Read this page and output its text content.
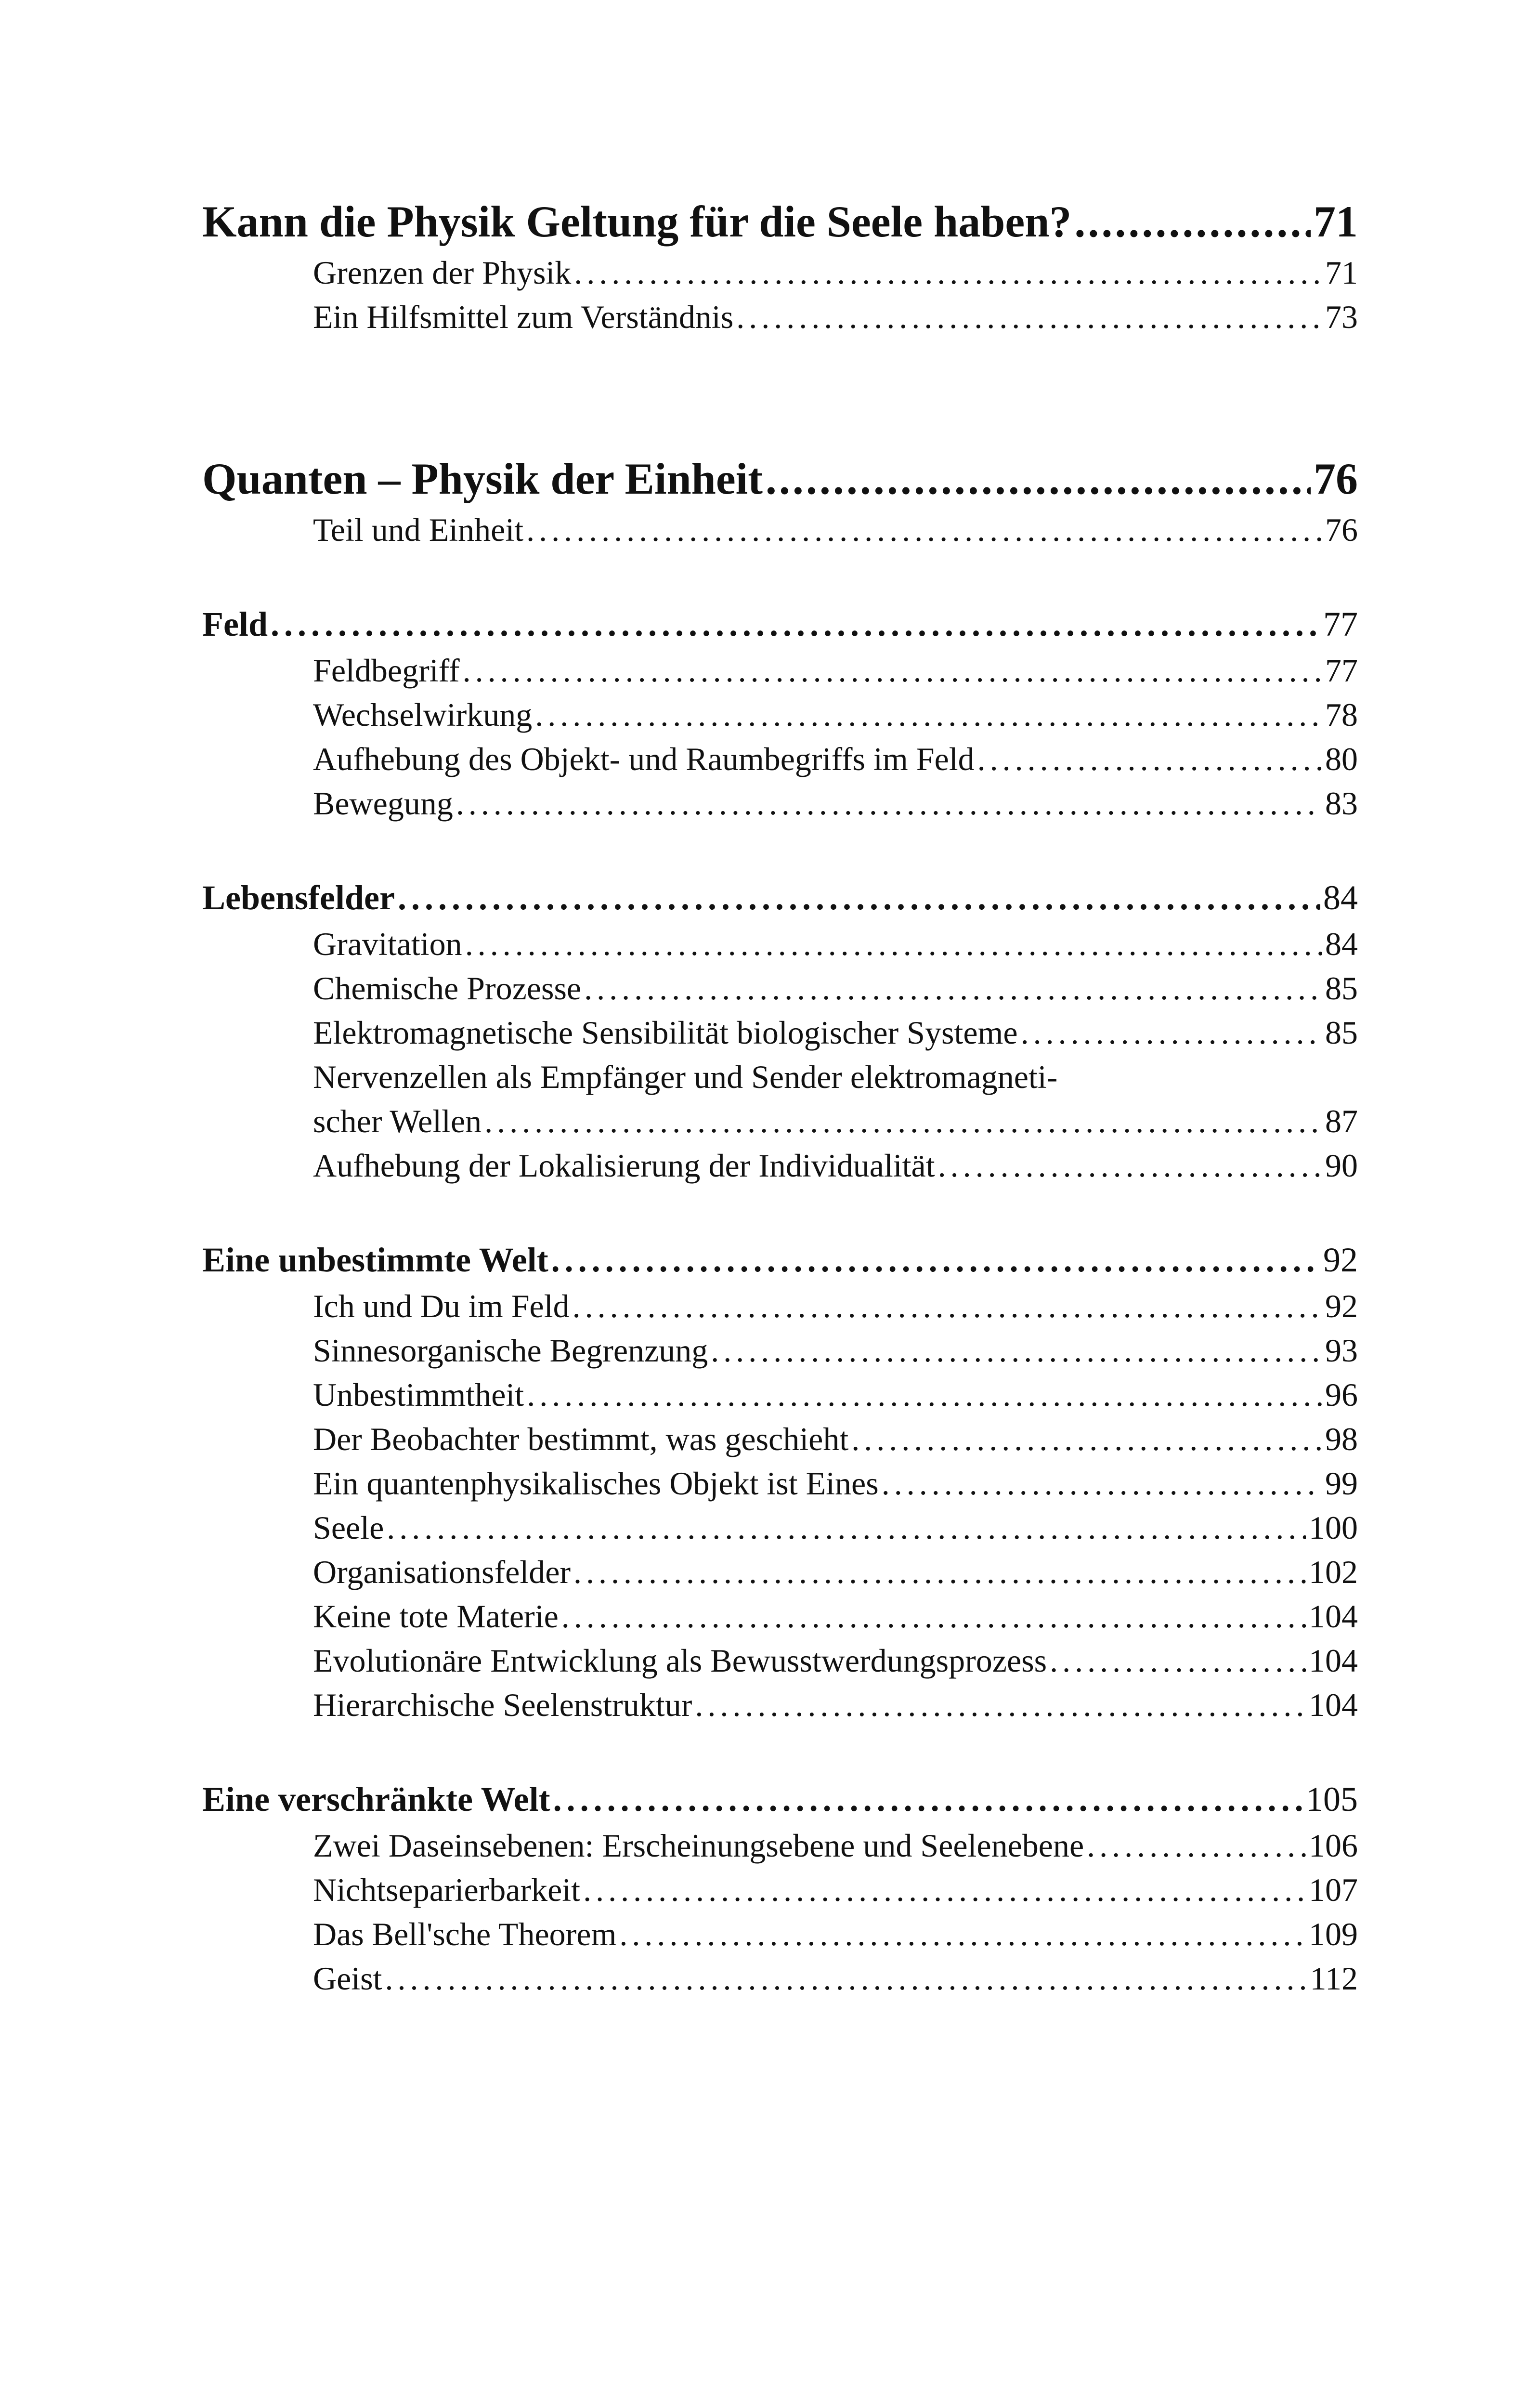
Kann die Physik Geltung für die Seele haben? . . .	71
Grenzen der Physik . . .	71
Ein Hilfsmittel zum Verständnis . . .	73
Quanten – Physik der Einheit . . .	76
Teil und Einheit . . .	76
Feld . . .	77
Feldbegriff . . .	77
Wechselwirkung . . .	78
Aufhebung des Objekt- und Raumbegriffs im Feld . . .	80
Bewegung . . .	83
Lebensfelder . . .	84
Gravitation . . .	84
Chemische Prozesse . . .	85
Elektromagnetische Sensibilität biologischer Systeme . . .	85
Nervenzellen als Empfänger und Sender elektromagneti-
scher Wellen . . .	87
Aufhebung der Lokalisierung der Individualität . . .	90
Eine unbestimmte Welt . . .	92
Ich und Du im Feld . . .	92
Sinnesorganische Begrenzung . . .	93
Unbestimmtheit . . .	96
Der Beobachter bestimmt, was geschieht . . .	98
Ein quantenphysikalisches Objekt ist Eines . . .	99
Seele . . .	100
Organisationsfelder . . .	102
Keine tote Materie . . .	104
Evolutionäre Entwicklung als Bewusstwerdungsprozess . . .	104
Hierarchische Seelenstruktur . . .	104
Eine verschränkte Welt . . .	105
Zwei Daseinsebenen: Erscheinungsebene und Seelenebene . . .	106
Nichtseparierbarkeit . . .	107
Das Bell'sche Theorem . . .	109
Geist . . .	112
